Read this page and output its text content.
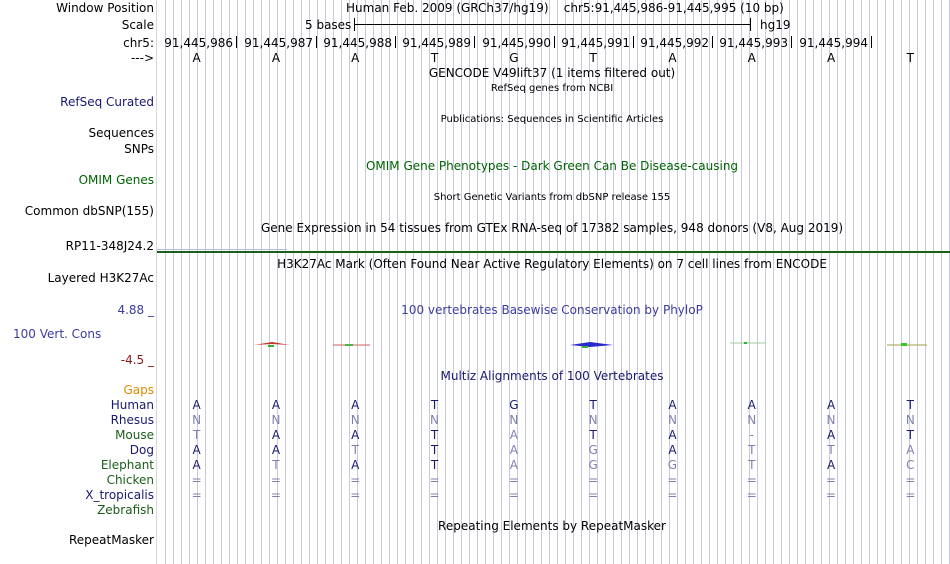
Window Position	Human Feb. 2009 (GRCh37/hg19) chr5:91,445,986-91,445,995 (10 bp)
Scale	5 bases	hg19
chr5: 91,445,986 91,445,987 91,445,988 91,445,989 91,445,990 91,445,991 91,445,992 91,445,993 91,445,994
--->	A	A	A	T	G	T	A	A	A	T
GENCODE V49lift37 (1 items filtered out)
RefSeq genes from NCBI
RefSeq Curated
Publications: Sequences in Scientific Articles
Sequences
SNPs
OMIM Gene Phenotypes - Dark Green Can Be Disease-causing
OMIM Genes
Short Genetic Variants from dbSNP release 155
Common dbSNP(155)
Gene Expression in 54 tissues from GTEx RNA-seq of 17382 samples, 948 donors (V8, Aug 2019)
RP11-348J24.2
H3K27Ac Mark (Often Found Near Active Regulatory Elements) on 7 cell lines from ENCODE
Layered H3K27Ac
4.88 _	100 vertebrates Basewise Conservation by PhyloP
100 Vert. Cons
-4.5 _
Multiz Alignments of 100 Vertebrates
Gaps
Human	A	A	A	T	G	T	A	A	A	T
Rhesus	N	N	N	N	N	N	N	N	N	N
Mouse	T	A	A	T	A	T	A	-	A	T
Dog	A	A	T	T	A	G	A	T	T	A
Elephant	A	T	A	T	A	G	G	T	A	C
Chicken	=	=	=	=	=	=	=	=	=	=
X_tropicalis	=	=	=	=	=	=	=	=	=	=
Zebrafish
Repeating Elements by RepeatMasker
RepeatMasker
